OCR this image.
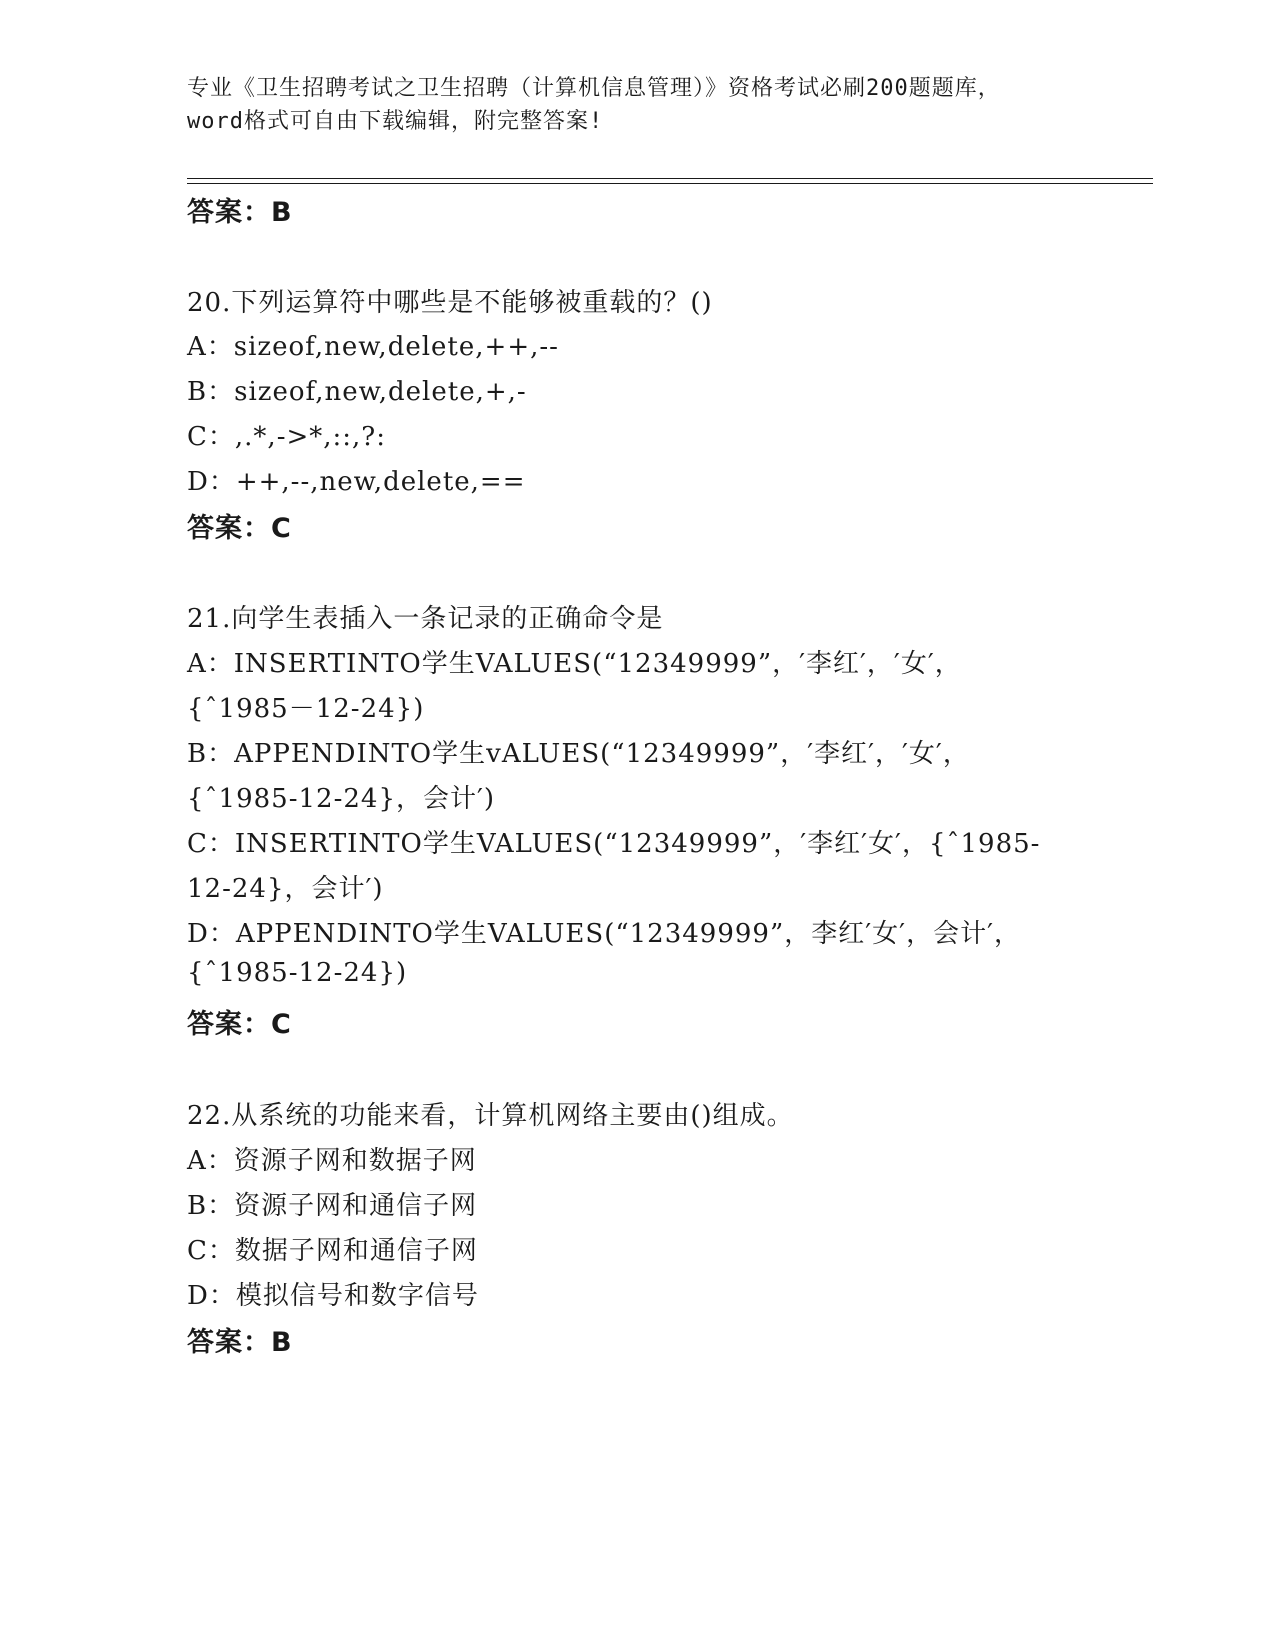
专业《卫生招聘考试之卫生招聘（计算机信息管理）》资格考试必刷200题题库，
word格式可自由下载编辑，附完整答案!
答案：B
20.下列运算符中哪些是不能够被重载的？()
A：sizeof,new,delete,++,--
B：sizeof,new,delete,+,-
C：,.*,->*,::,?:
D：++,--,new,delete,==
答案：C
21.向学生表插入一条记录的正确命令是
A：INSERTINTO学生VALUES(“12349999”，′李红′，′女′，
{ˆ1985－12-24})
B：APPENDINTO学生vALUES(“12349999”，′李红′，′女′，
{ˆ1985-12-24}，会计′)
C：INSERTINTO学生VALUES(“12349999”，′李红′女′，{ˆ1985-
12-24}，会计′)
D：APPENDINTO学生VALUES(“12349999”，李红′女′，会计′，
{ˆ1985-12-24})
答案：C
22.从系统的功能来看，计算机网络主要由()组成。
A：资源子网和数据子网
B：资源子网和通信子网
C：数据子网和通信子网
D：模拟信号和数字信号
答案：B
